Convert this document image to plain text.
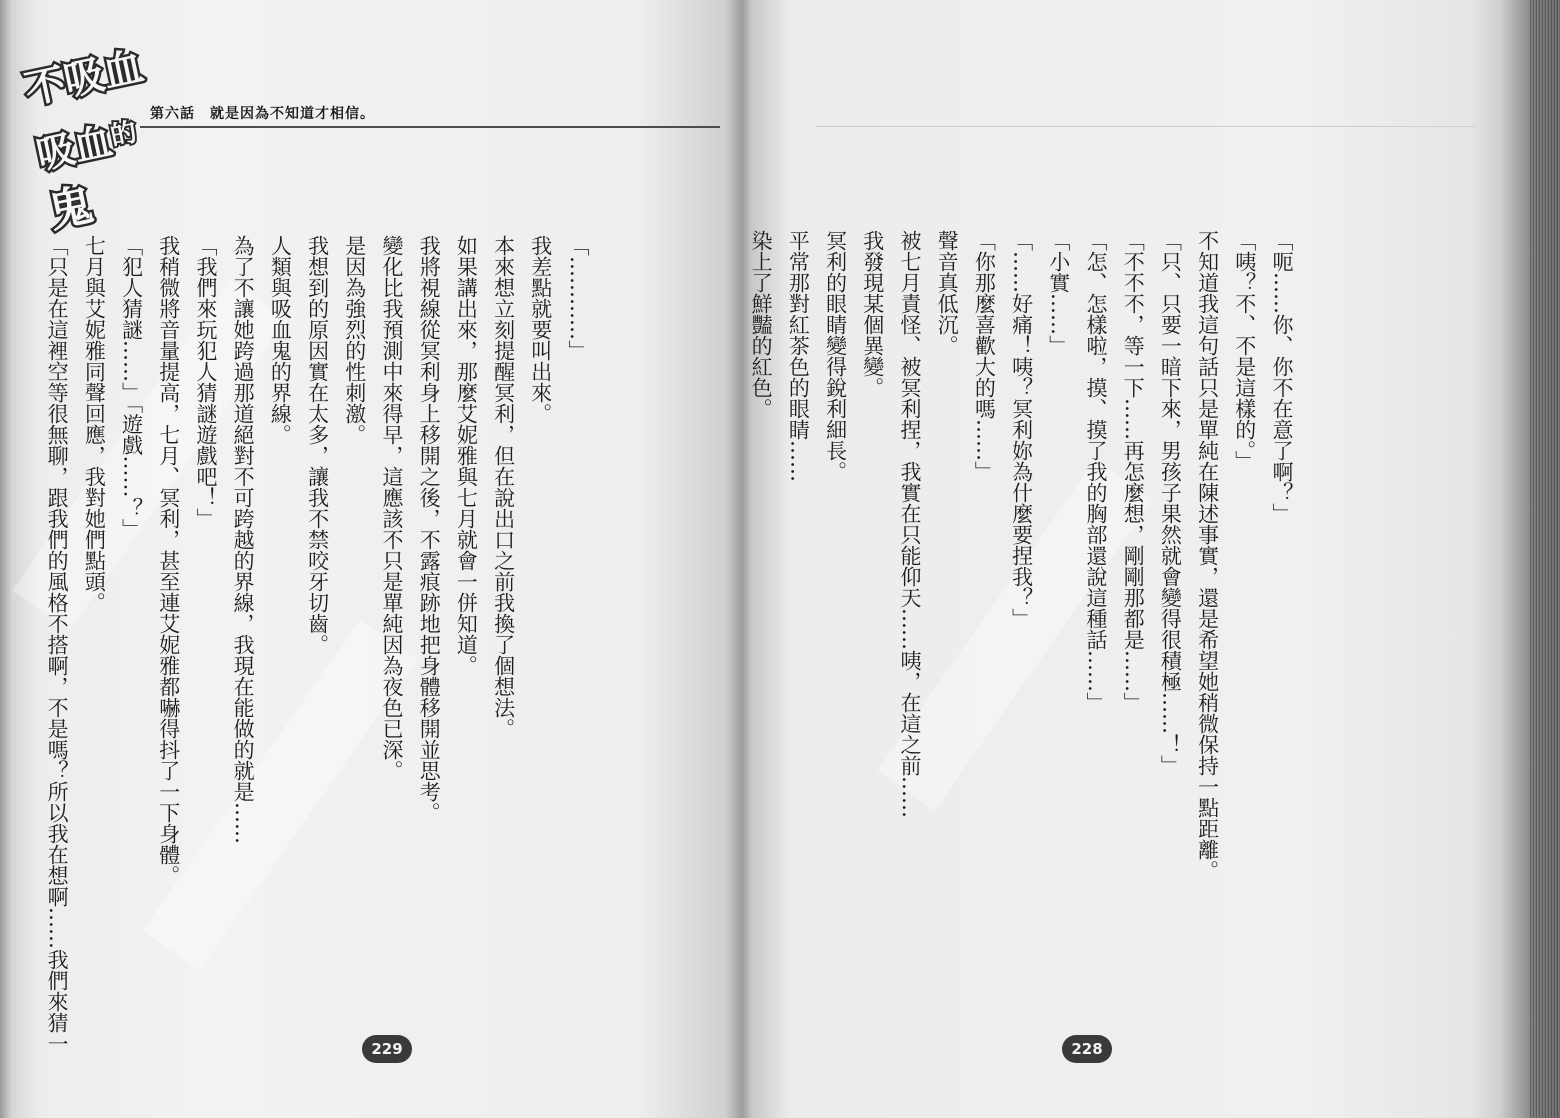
不吸血
的
吸血
鬼
第六話　就是因為不知道才相信。
「…………」
我差點就要叫出來。
本來想立刻提醒冥利，但在說出口之前我換了個想法。
如果講出來，那麼艾妮雅與七月就會一併知道。
我將視線從冥利身上移開之後，不露痕跡地把身體移開並思考。
變化比我預測中來得早，這應該不只是單純因為夜色已深。
是因為強烈的性刺激。
我想到的原因實在太多，讓我不禁咬牙切齒。
人類與吸血鬼的界線。
為了不讓她跨過那道絕對不可跨越的界線，我現在能做的就是……
「我們來玩犯人猜謎遊戲吧！」
我稍微將音量提高，七月、冥利，甚至連艾妮雅都嚇得抖了一下身體。
「犯人猜謎……」「遊戲……？」
七月與艾妮雅同聲回應，我對她們點頭。
「只是在這裡空等很無聊，跟我們的風格不搭啊，不是嗎？所以我在想啊……我們來猜一	229
「呃……你、你不在意了啊？」
「咦？不、不是這樣的。」
不知道我這句話只是單純在陳述事實，還是希望她稍微保持一點距離。
「只、只要一暗下來，男孩子果然就會變得很積極……！」
「不不不，等一下……再怎麼想，剛剛那都是……」
「怎、怎樣啦，摸、摸了我的胸部還說這種話……」
「小實……」
「……好痛！咦？冥利妳為什麼要捏我？」
「你那麼喜歡大的嗎……」
聲音真低沉。
被七月責怪、被冥利捏，我實在只能仰天……咦，在這之前……
我發現某個異變。
冥利的眼睛變得銳利細長。
平常那對紅茶色的眼睛……
染上了鮮豔的紅色。
228
